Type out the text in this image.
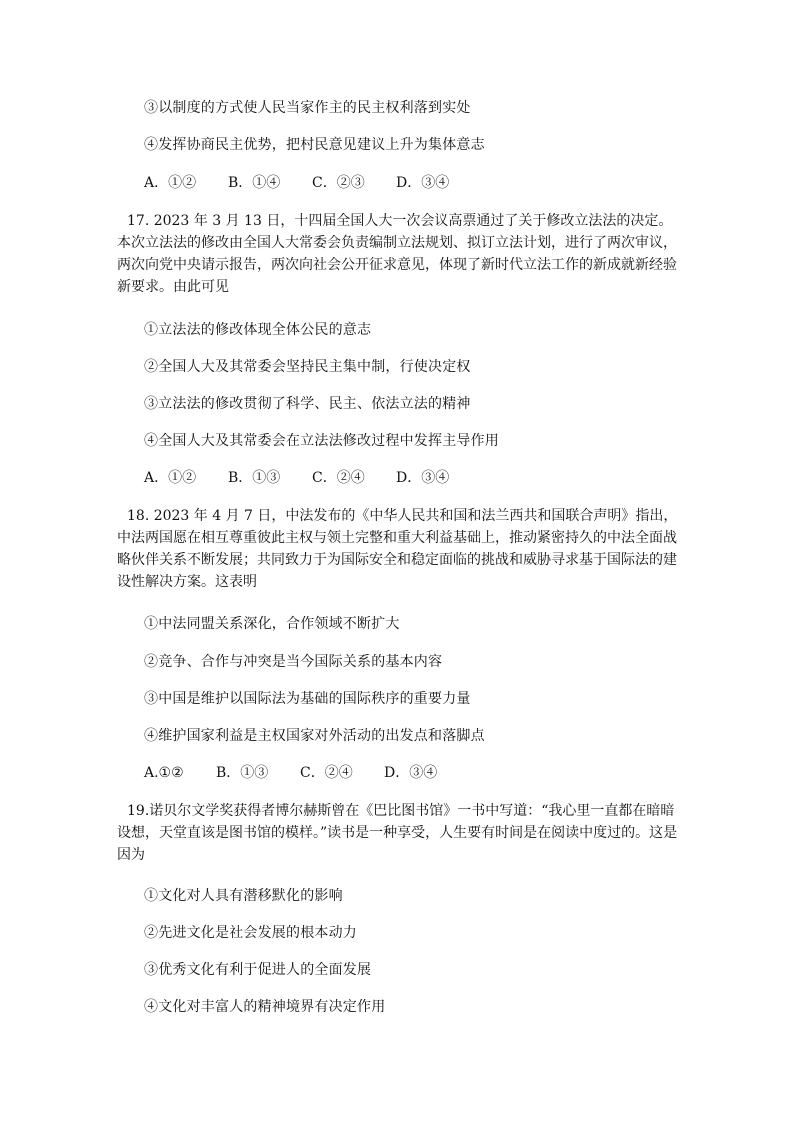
③以制度的方式使人民当家作主的民主权利落到实处
④发挥协商民主优势，把村民意见建议上升为集体意志
A．①② B．①④ C．②③ D．③④

17. 2023 年 3 月 13 日，十四届全国人大一次会议高票通过了关于修改立法法的决定。本次立法法的修改由全国人大常委会负责编制立法规划、拟订立法计划，进行了两次审议，两次向党中央请示报告，两次向社会公开征求意见，体现了新时代立法工作的新成就新经验新要求。由此可见

①立法法的修改体现全体公民的意志
②全国人大及其常委会坚持民主集中制，行使决定权
③立法法的修改贯彻了科学、民主、依法立法的精神
④全国人大及其常委会在立法法修改过程中发挥主导作用
A．①② B．①③ C．②④ D．③④

18. 2023 年 4 月 7 日，中法发布的《中华人民共和国和法兰西共和国联合声明》指出，中法两国愿在相互尊重彼此主权与领土完整和重大利益基础上，推动紧密持久的中法全面战略伙伴关系不断发展；共同致力于为国际安全和稳定面临的挑战和威胁寻求基于国际法的建设性解决方案。这表明

①中法同盟关系深化，合作领域不断扩大
②竞争、合作与冲突是当今国际关系的基本内容
③中国是维护以国际法为基础的国际秩序的重要力量
④维护国家利益是主权国家对外活动的出发点和落脚点
A.①② B．①③ C．②④ D．③④

19.诺贝尔文学奖获得者博尔赫斯曾在《巴比图书馆》一书中写道：“我心里一直都在暗暗设想，天堂直该是图书馆的模样。”读书是一种享受，人生要有时间是在阅读中度过的。这是因为

①文化对人具有潜移默化的影响
②先进文化是社会发展的根本动力
③优秀文化有利于促进人的全面发展
④文化对丰富人的精神境界有决定作用
